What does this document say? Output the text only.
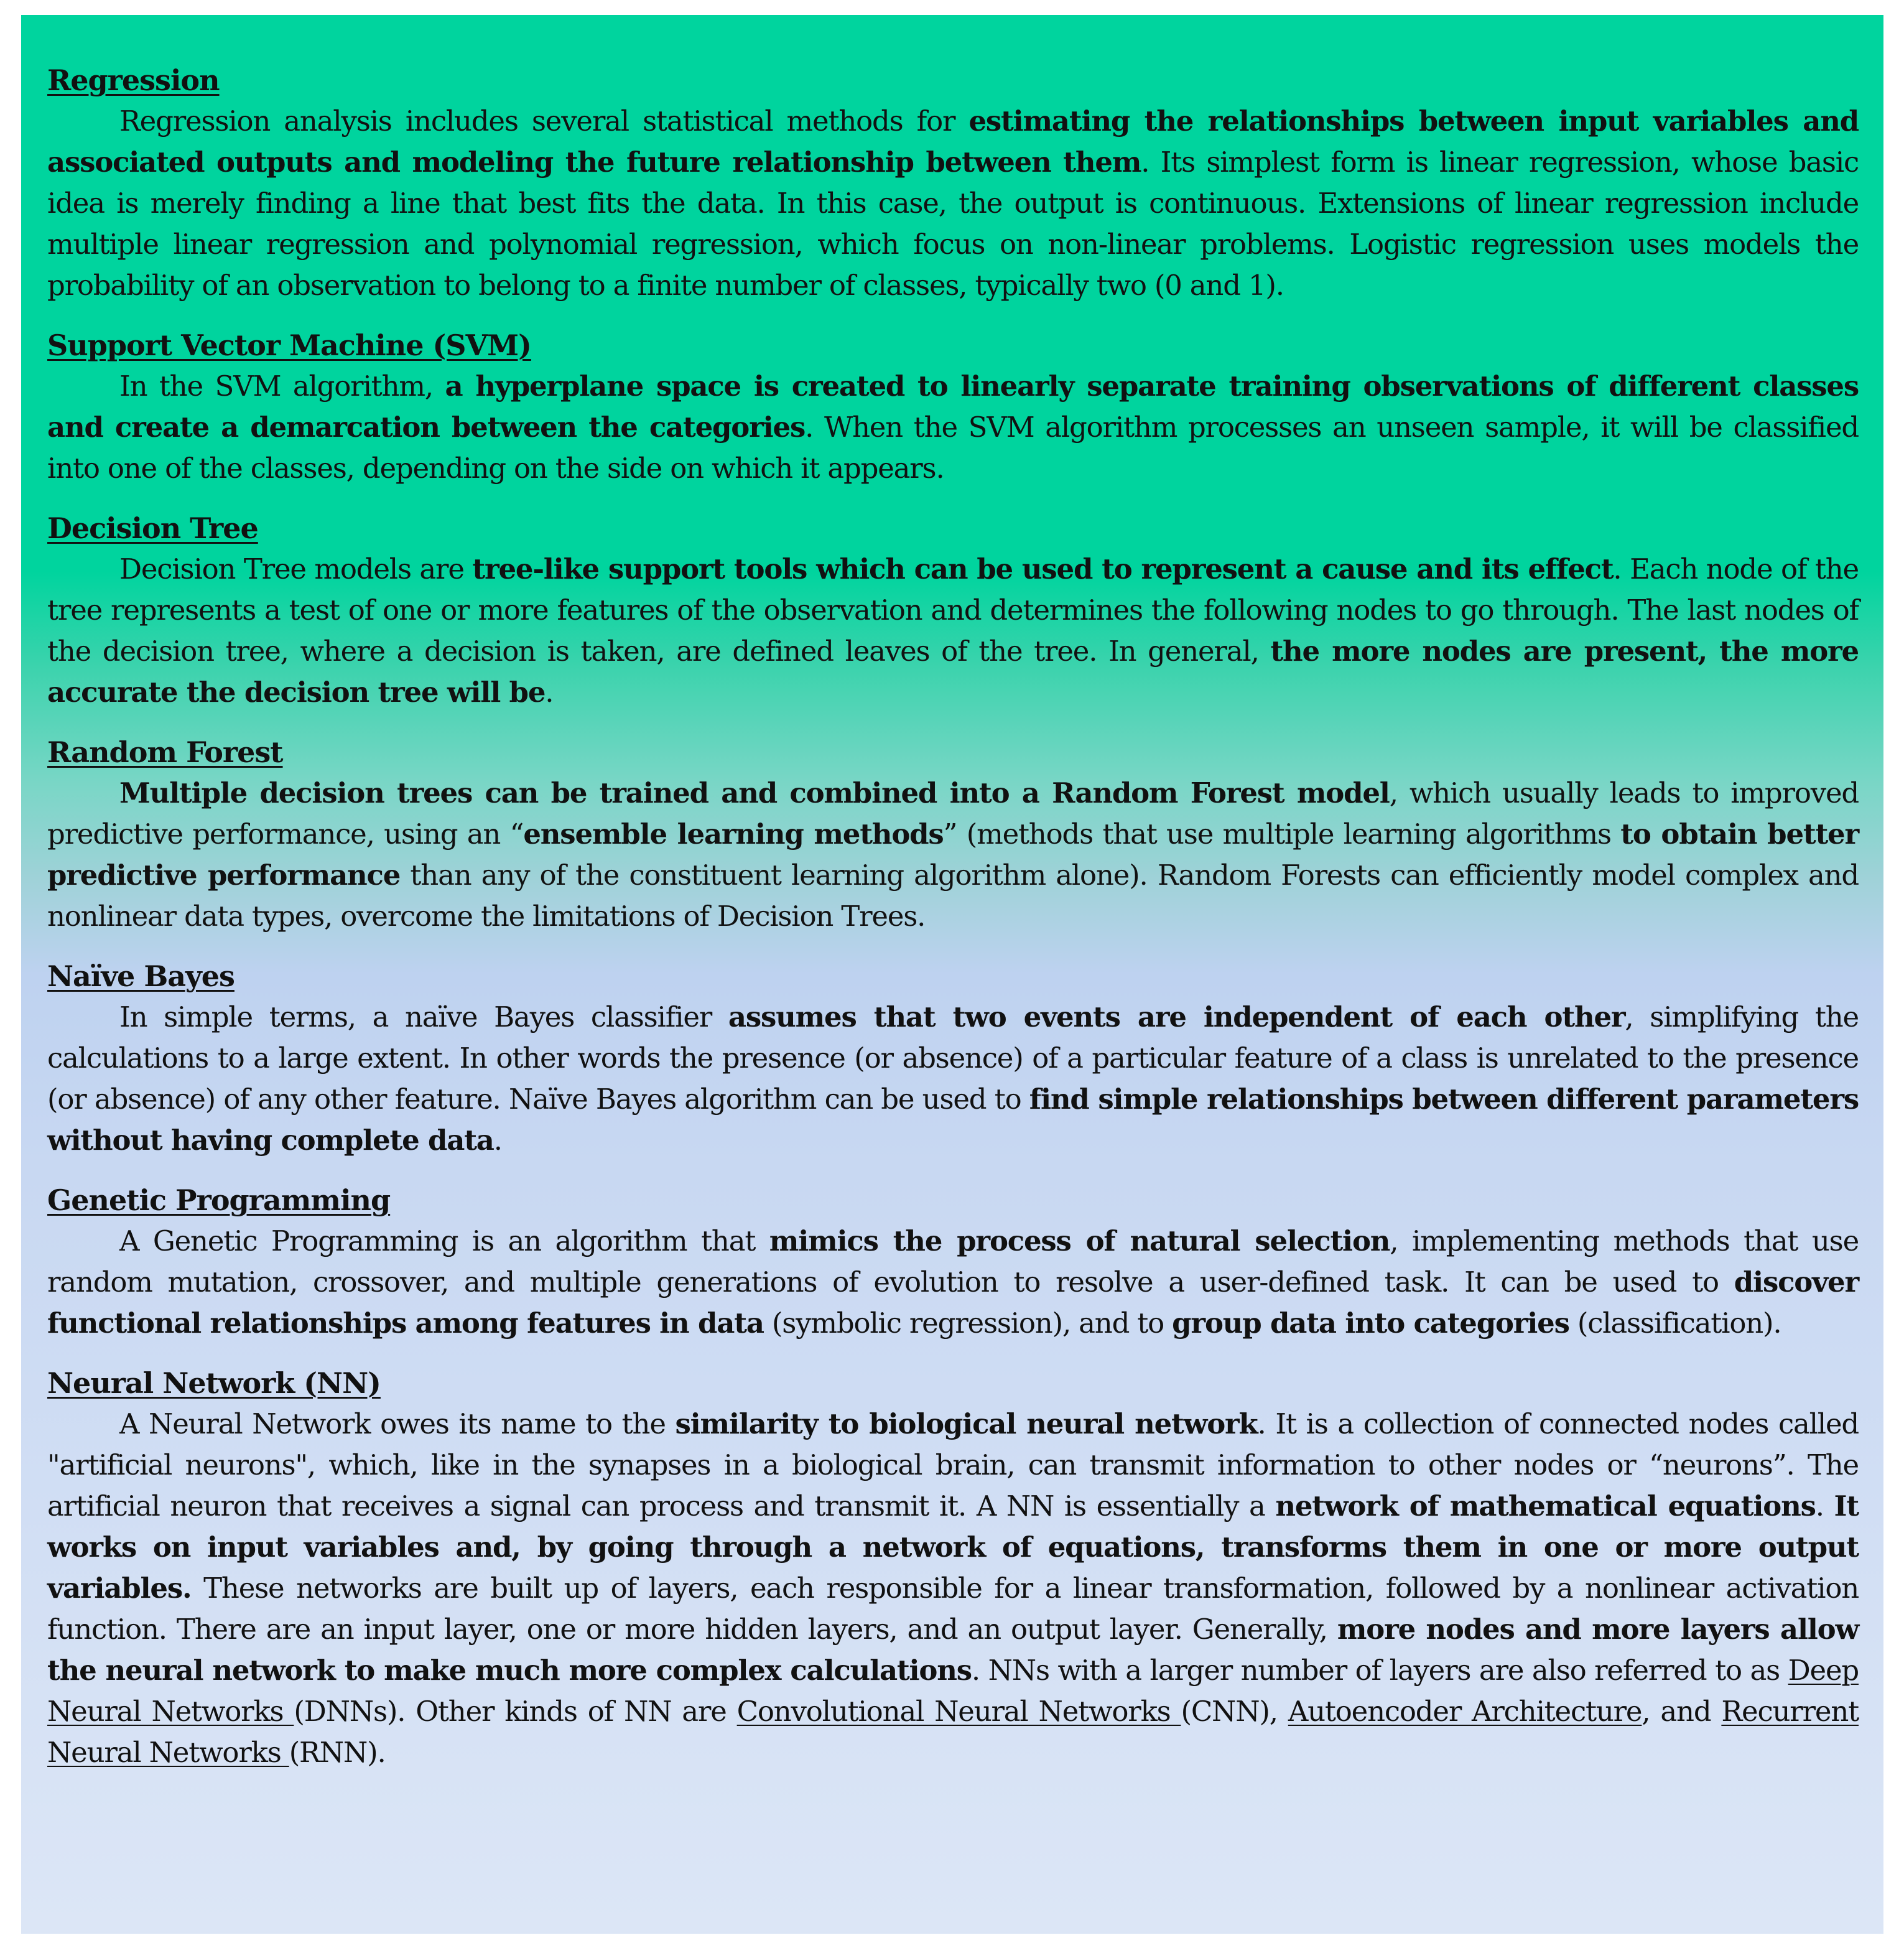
Regression

Regression analysis includes several statistical methods for estimating the relationships between input variables and associated outputs and modeling the future relationship between them. Its simplest form is linear regression, whose basic idea is merely finding a line that best fits the data. In this case, the output is continuous. Extensions of linear regression include multiple linear regression and polynomial regression, which focus on non-linear problems. Logistic regression uses models the probability of an observation to belong to a finite number of classes, typically two (0 and 1).

Support Vector Machine (SVM)

In the SVM algorithm, a hyperplane space is created to linearly separate training observations of different classes and create a demarcation between the categories. When the SVM algorithm processes an unseen sample, it will be classified into one of the classes, depending on the side on which it appears.

Decision Tree

Decision Tree models are tree-like support tools which can be used to represent a cause and its effect. Each node of the tree represents a test of one or more features of the observation and determines the following nodes to go through. The last nodes of the decision tree, where a decision is taken, are defined leaves of the tree. In general, the more nodes are present, the more accurate the decision tree will be.

Random Forest

Multiple decision trees can be trained and combined into a Random Forest model, which usually leads to improved predictive performance, using an “ensemble learning methods” (methods that use multiple learning algorithms to obtain better predictive performance than any of the constituent learning algorithm alone). Random Forests can efficiently model complex and nonlinear data types, overcome the limitations of Decision Trees.

Naïve Bayes

In simple terms, a naïve Bayes classifier assumes that two events are independent of each other, simplifying the calculations to a large extent. In other words the presence (or absence) of a particular feature of a class is unrelated to the presence (or absence) of any other feature. Naïve Bayes algorithm can be used to find simple relationships between different parameters without having complete data.

Genetic Programming

A Genetic Programming is an algorithm that mimics the process of natural selection, implementing methods that use random mutation, crossover, and multiple generations of evolution to resolve a user-defined task. It can be used to discover functional relationships among features in data (symbolic regression), and to group data into categories (classification).

Neural Network (NN)

A Neural Network owes its name to the similarity to biological neural network. It is a collection of connected nodes called "artificial neurons", which, like in the synapses in a biological brain, can transmit information to other nodes or “neurons”. The artificial neuron that receives a signal can process and transmit it. A NN is essentially a network of mathematical equations. It works on input variables and, by going through a network of equations, transforms them in one or more output variables. These networks are built up of layers, each responsible for a linear transformation, followed by a nonlinear activation function. There are an input layer, one or more hidden layers, and an output layer. Generally, more nodes and more layers allow the neural network to make much more complex calculations. NNs with a larger number of layers are also referred to as Deep Neural Networks (DNNs). Other kinds of NN are Convolutional Neural Networks (CNN), Autoencoder Architecture, and Recurrent Neural Networks (RNN).
